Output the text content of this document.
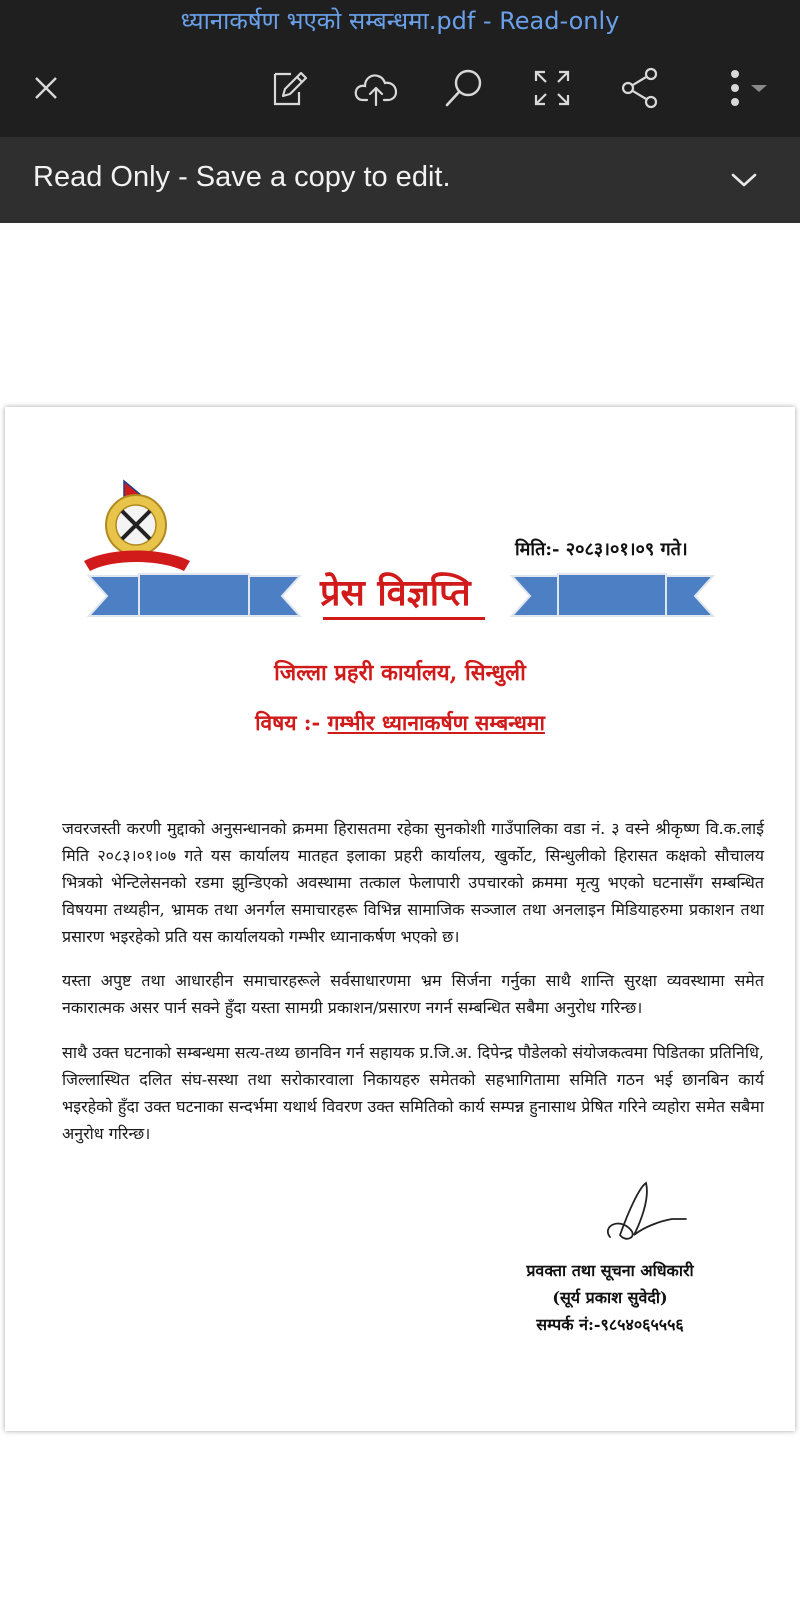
ध्यानाकर्षण भएको सम्बन्धमा.pdf - Read-only
Read Only - Save a copy to edit.
मिति:- २०८३।०१।०९ गते।
प्रेस विज्ञप्ति
जिल्ला प्रहरी कार्यालय, सिन्धुली
विषय :- गम्भीर ध्यानाकर्षण सम्बन्धमा
जवरजस्ती करणी मुद्दाको अनुसन्धानको क्रममा हिरासतमा रहेका सुनकोशी गाउँपालिका वडा नं. ३ वस्ने श्रीकृष्ण वि.क.लाई मिति २०८३।०१।०७ गते यस कार्यालय मातहत इलाका प्रहरी कार्यालय, खुर्कोट, सिन्धुलीको हिरासत कक्षको सौचालय भित्रको भेन्टिलेसनको रडमा झुन्डिएको अवस्थामा तत्काल फेलापारी उपचारको क्रममा मृत्यु भएको घटनासँग सम्बन्धित विषयमा तथ्यहीन, भ्रामक तथा अनर्गल समाचारहरू विभिन्न सामाजिक सञ्जाल तथा अनलाइन मिडियाहरुमा प्रकाशन तथा प्रसारण भइरहेको प्रति यस कार्यालयको गम्भीर ध्यानाकर्षण भएको छ।
यस्ता अपुष्ट तथा आधारहीन समाचारहरूले सर्वसाधारणमा भ्रम सिर्जना गर्नुका साथै शान्ति सुरक्षा व्यवस्थामा समेत नकारात्मक असर पार्न सक्ने हुँदा यस्ता सामग्री प्रकाशन/प्रसारण नगर्न सम्बन्धित सबैमा अनुरोध गरिन्छ।
साथै उक्त घटनाको सम्बन्धमा सत्य-तथ्य छानविन गर्न सहायक प्र.जि.अ. दिपेन्द्र पौडेलको संयोजकत्वमा पिडितका प्रतिनिधि, जिल्लास्थित दलित संघ-सस्था तथा सरोकारवाला निकायहरु समेतको सहभागितामा समिति गठन भई छानबिन कार्य भइरहेको हुँदा उक्त घटनाका सन्दर्भमा यथार्थ विवरण उक्त समितिको कार्य सम्पन्न हुनासाथ प्रेषित गरिने व्यहोरा समेत सबैमा अनुरोध गरिन्छ।
प्रवक्ता तथा सूचना अधिकारी
(सूर्य प्रकाश सुवेदी)
सम्पर्क नं:-९८५४०६५५५६
